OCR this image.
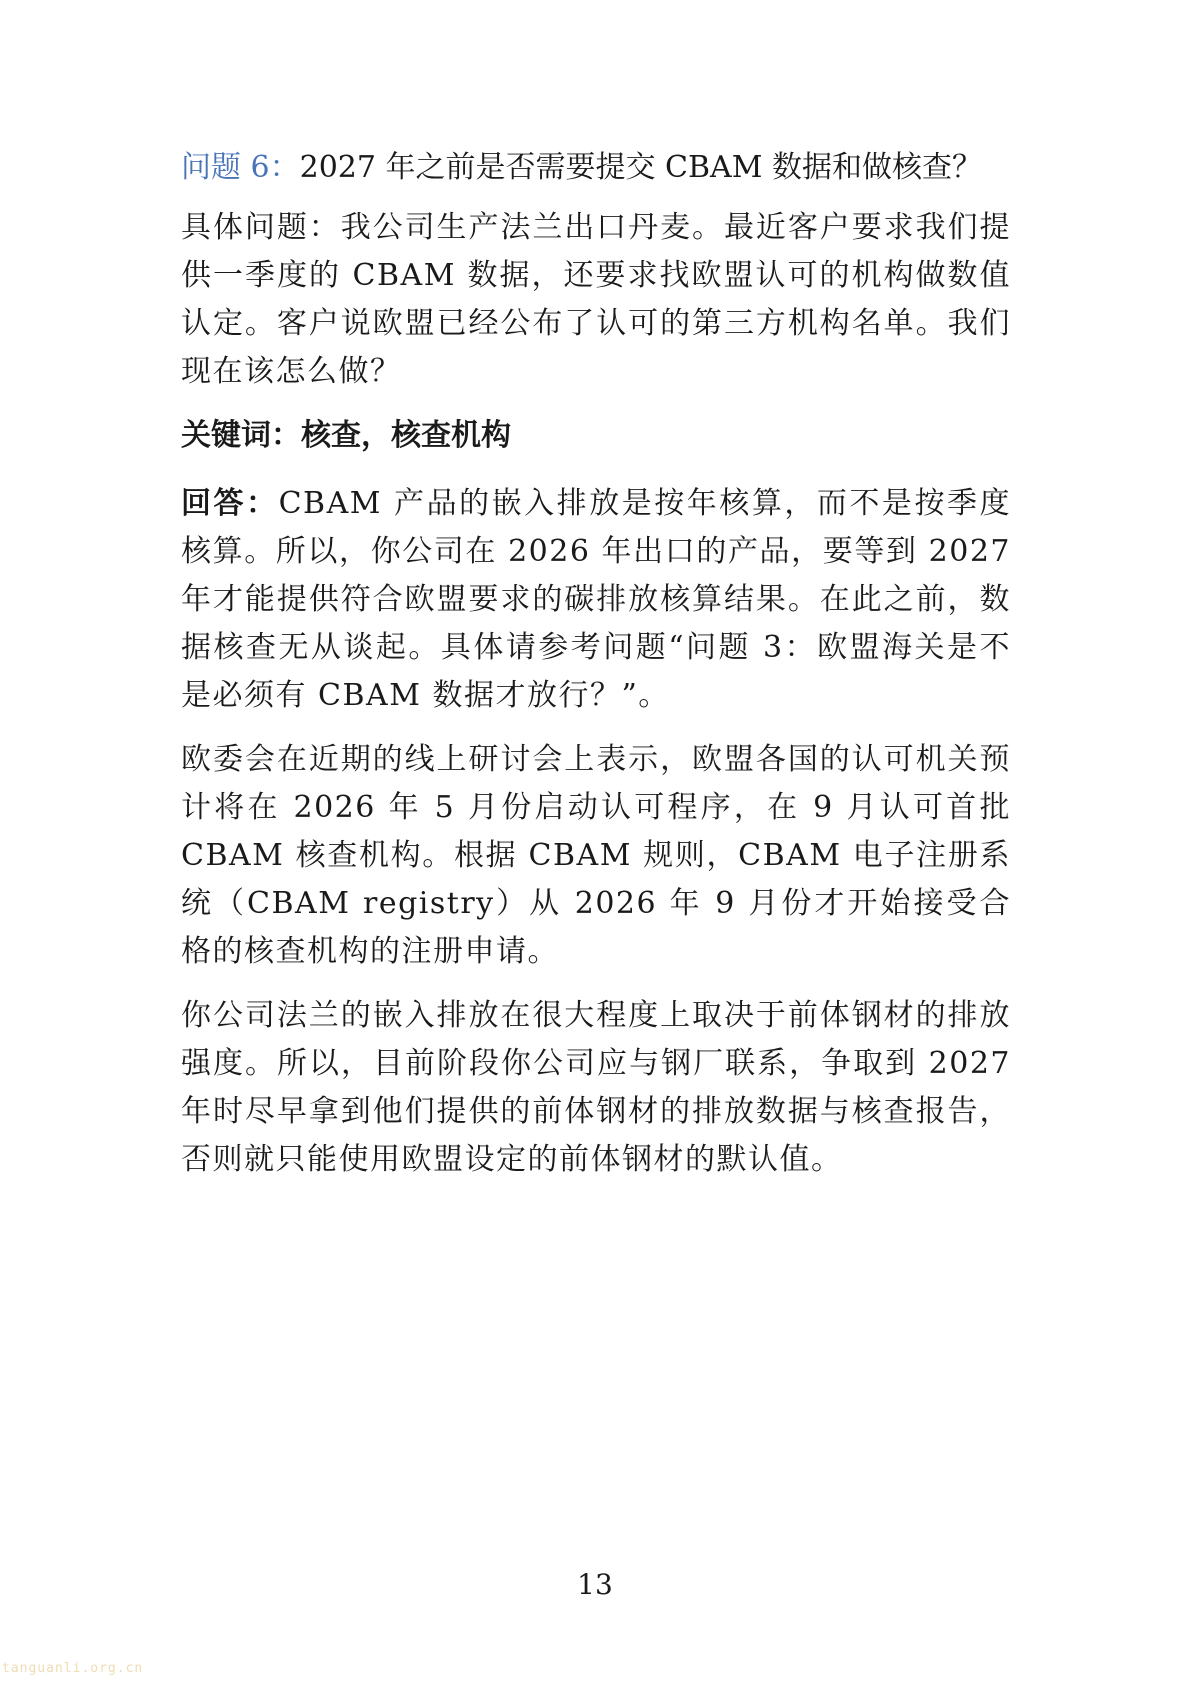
问题 6：2027 年之前是否需要提交 CBAM 数据和做核查？

具体问题：我公司生产法兰出口丹麦。最近客户要求我们提供一季度的 CBAM 数据，还要求找欧盟认可的机构做数值认定。客户说欧盟已经公布了认可的第三方机构名单。我们现在该怎么做？

关键词：核查，核查机构

回答：CBAM 产品的嵌入排放是按年核算，而不是按季度核算。所以，你公司在 2026 年出口的产品，要等到 2027 年才能提供符合欧盟要求的碳排放核算结果。在此之前，数据核查无从谈起。具体请参考问题“问题 3：欧盟海关是不是必须有 CBAM 数据才放行？”。

欧委会在近期的线上研讨会上表示，欧盟各国的认可机关预计将在 2026 年 5 月份启动认可程序，在 9 月认可首批 CBAM 核查机构。根据 CBAM 规则，CBAM 电子注册系统（CBAM registry）从 2026 年 9 月份才开始接受合格的核查机构的注册申请。

你公司法兰的嵌入排放在很大程度上取决于前体钢材的排放强度。所以，目前阶段你公司应与钢厂联系，争取到 2027 年时尽早拿到他们提供的前体钢材的排放数据与核查报告，否则就只能使用欧盟设定的前体钢材的默认值。

13
tanguanli.org.cn
